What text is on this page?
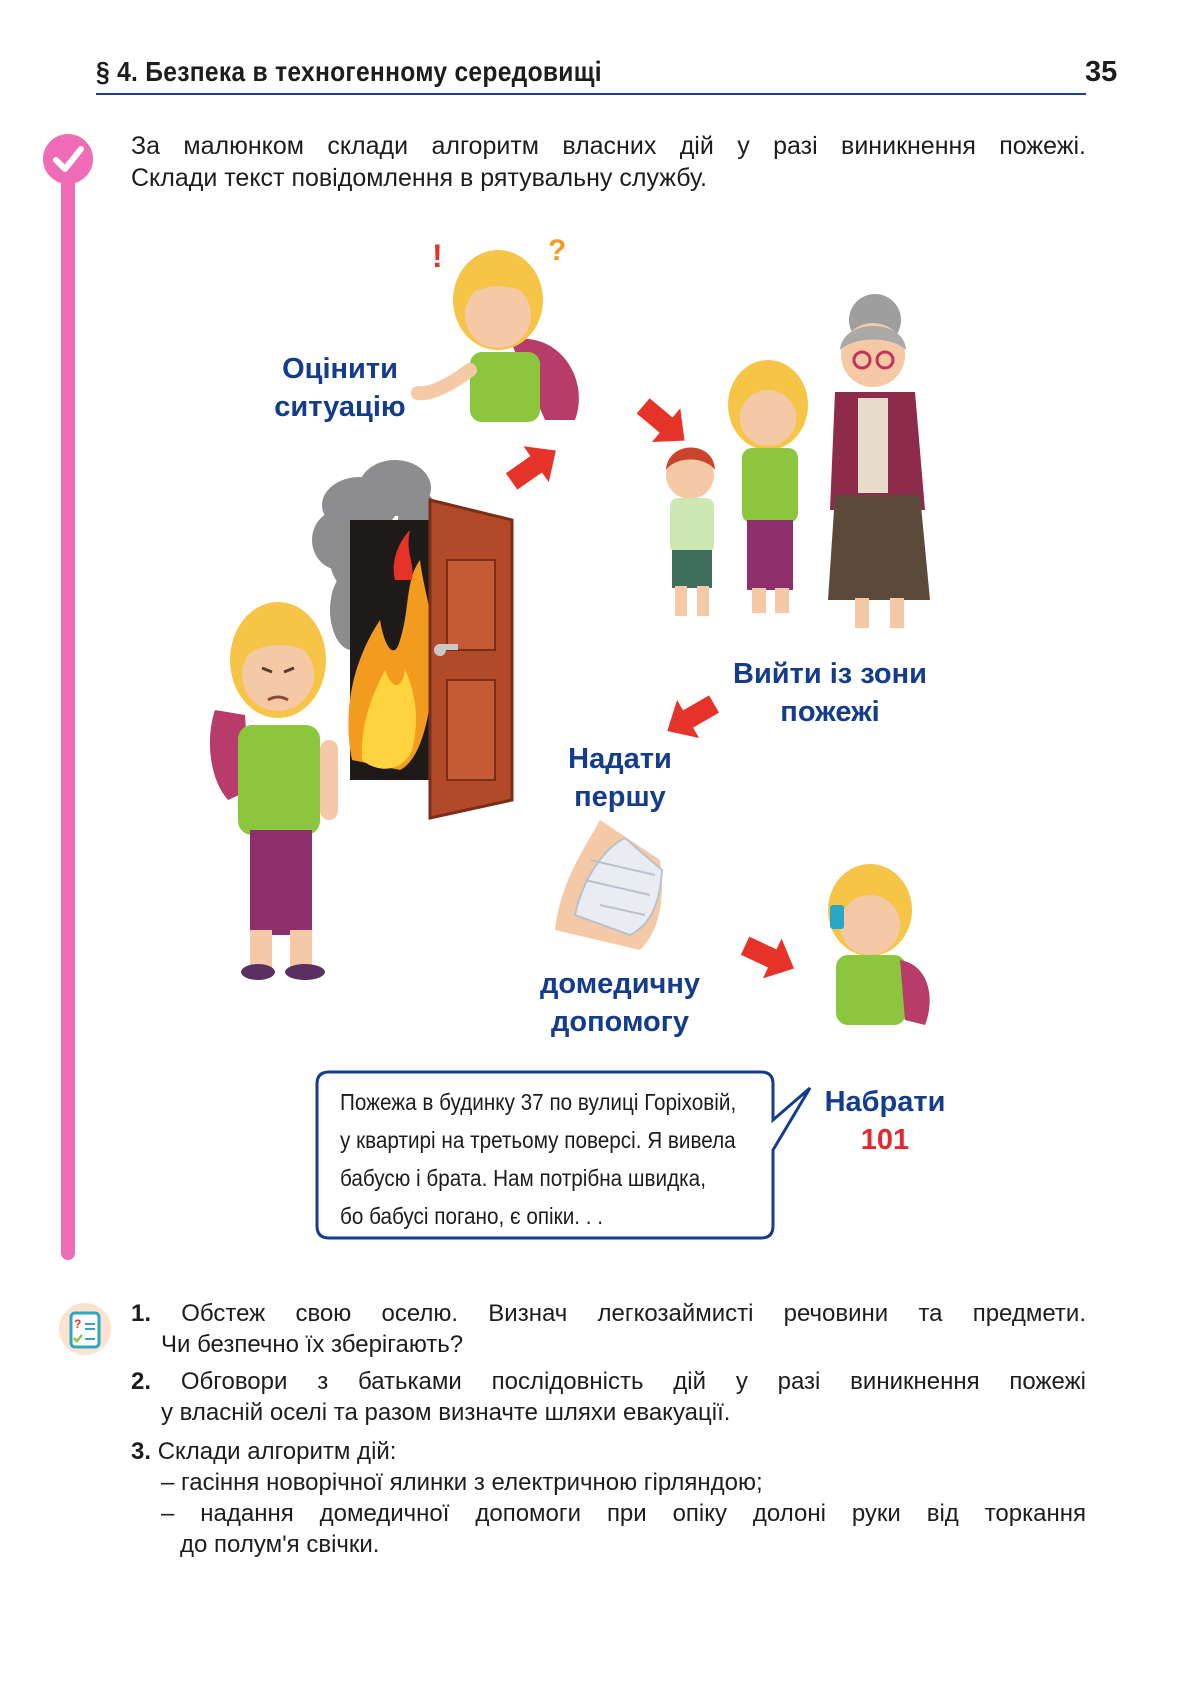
§ 4. Безпека в техногенному середовищі	35
За малюнком склади алгоритм власних дій у разі виникнення пожежі.
Склади текст повідомлення в рятувальну службу.
!	?
Оцінити
ситуацію
Вийти із зони
пожежі
Надати
першу
домедичну
допомогу
Набрати
101
Пожежа в будинку 37 по вулиці Горіховій,
у квартирі на третьому поверсі. Я вивела
бабусю і брата. Нам потрібна швидка,
бо бабусі погано, є опіки. . .
? 1. Обстеж свою оселю. Визнач легкозаймисті речовини та предмети.
Чи безпечно їх зберігають?
2. Обговори з батьками послідовність дій у разі виникнення пожежі
у власній оселі та разом визначте шляхи евакуації.
3. Склади алгоритм дій:
– гасіння новорічної ялинки з електричною гірляндою;
– надання домедичної допомоги при опіку долоні руки від торкання
до полум'я свічки.
